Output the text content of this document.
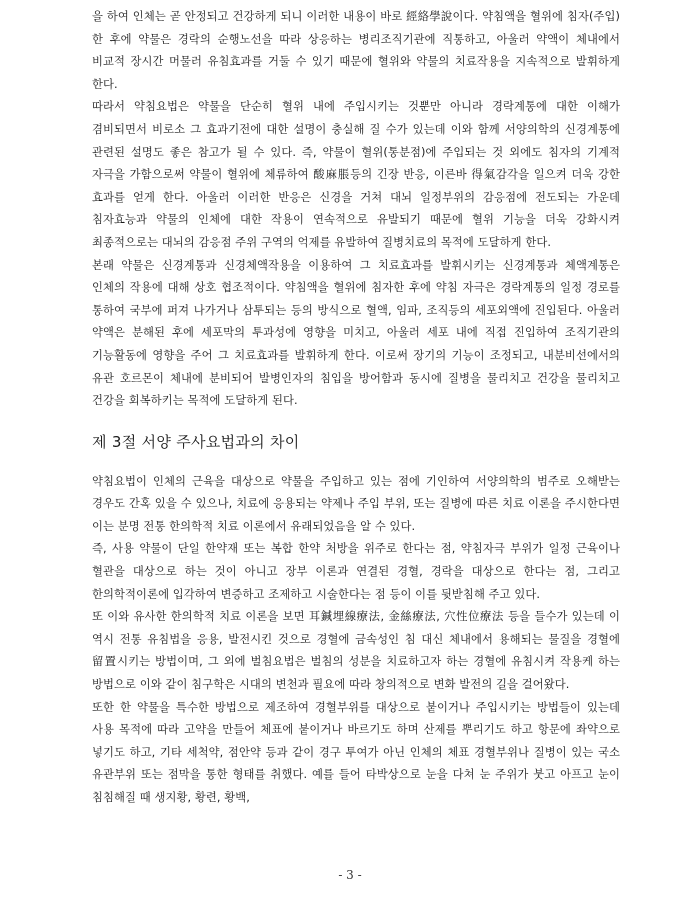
을 하여 인체는 곧 안정되고 건강하게 되니 이러한 내용이 바로 經絡學說이다. 약침액을 혈위에 침자(주입)한 후에 약물은 경락의 순행노선을 따라 상응하는 병리조직기관에 직통하고, 아울러 약액이 체내에서 비교적 장시간 머물러 유침효과를 거둘 수 있기 때문에 혈위와 약물의 치료작용을 지속적으로 발휘하게 한다.

따라서 약침요법은 약물을 단순히 혈위 내에 주입시키는 것뿐만 아니라 경락계통에 대한 이해가 겸비되면서 비로소 그 효과기전에 대한 설명이 충실해 질 수가 있는데 이와 함께 서양의학의 신경계통에 관련된 설명도 좋은 참고가 될 수 있다. 즉, 약물이 혈위(통분점)에 주입되는 것 외에도 침자의 기계적 자극을 가함으로써 약물이 혈위에 체류하여 酸麻脹등의 긴장 반응, 이른바 得氣감각을 일으켜 더욱 강한 효과를 얻게 한다. 아울러 이러한 반응은 신경을 거쳐 대뇌 일정부위의 감응점에 전도되는 가운데 침자효능과 약물의 인체에 대한 작용이 연속적으로 유발되기 때문에 혈위 기능을 더욱 강화시켜 최종적으로는 대뇌의 감응점 주위 구역의 억제를 유발하여 질병치료의 목적에 도달하게 한다.

본래 약물은 신경계통과 신경체액작용을 이용하여 그 치료효과를 발휘시키는 신경계통과 체액계통은 인체의 작용에 대해 상호 협조적이다. 약침액을 혈위에 침자한 후에 약침 자극은 경락계통의 일정 경로를 통하여 국부에 퍼져 나가거나 삼투되는 등의 방식으로 혈액, 임파, 조직등의 세포외액에 진입된다. 아울러 약액은 분해된 후에 세포막의 투과성에 영향을 미치고, 아울러 세포 내에 직접 진입하여 조직기관의 기능활동에 영향을 주어 그 치료효과를 발휘하게 한다. 이로써 장기의 기능이 조정되고, 내분비선에서의 유관 호르몬이 체내에 분비되어 발병인자의 침입을 방어함과 동시에 질병을 물리치고 건강을 물리치고 건강을 회복하키는 목적에 도달하게 된다.

제 3절 서양 주사요법과의 차이

약침요법이 인체의 근육을 대상으로 약물을 주입하고 있는 점에 기인하여 서양의학의 범주로 오해받는 경우도 간혹 있을 수 있으나, 치료에 응용되는 약제나 주입 부위, 또는 질병에 따른 치료 이론을 주시한다면 이는 분명 전통 한의학적 치료 이론에서 유래되었음을 알 수 있다.

즉, 사용 약물이 단일 한약재 또는 복합 한약 처방을 위주로 한다는 점, 약침자극 부위가 일정 근육이나 혈관을 대상으로 하는 것이 아니고 장부 이론과 연결된 경혈, 경락을 대상으로 한다는 점, 그리고 한의학적이론에 입각하여 변증하고 조제하고 시술한다는 점 등이 이를 뒷받침해 주고 있다.

또 이와 유사한 한의학적 치료 이론을 보면 耳鍼埋線療法, 金絲療法, 穴性位療法 등을 들수가 있는데 이 역시 전통 유침법을 응용, 발전시킨 것으로 경혈에 금속성인 침 대신 체내에서 용해되는 물질을 경혈에 留置시키는 방법이며, 그 외에 벌침요법은 벌침의 성분을 치료하고자 하는 경혈에 유침시켜 작용케 하는 방법으로 이와 같이 침구학은 시대의 변천과 필요에 따라 창의적으로 변화 발전의 길을 걸어왔다.

또한 한 약물을 특수한 방법으로 제조하여 경혈부위를 대상으로 붙이거나 주입시키는 방법들이 있는데 사용 목적에 따라 고약을 만들어 체표에 붙이거나 바르기도 하며 산제를 뿌리기도 하고 항문에 좌약으로 넣기도 하고, 기타 세척약, 점안약 등과 같이 경구 투여가 아닌 인체의 체표 경혈부위나 질병이 있는 국소 유관부위 또는 점막을 통한 형태를 취했다. 예를 들어 타박상으로 눈을 다쳐 눈 주위가 붓고 아프고 눈이 침침해질 때 생지황, 황련, 황백,

- 3 -
